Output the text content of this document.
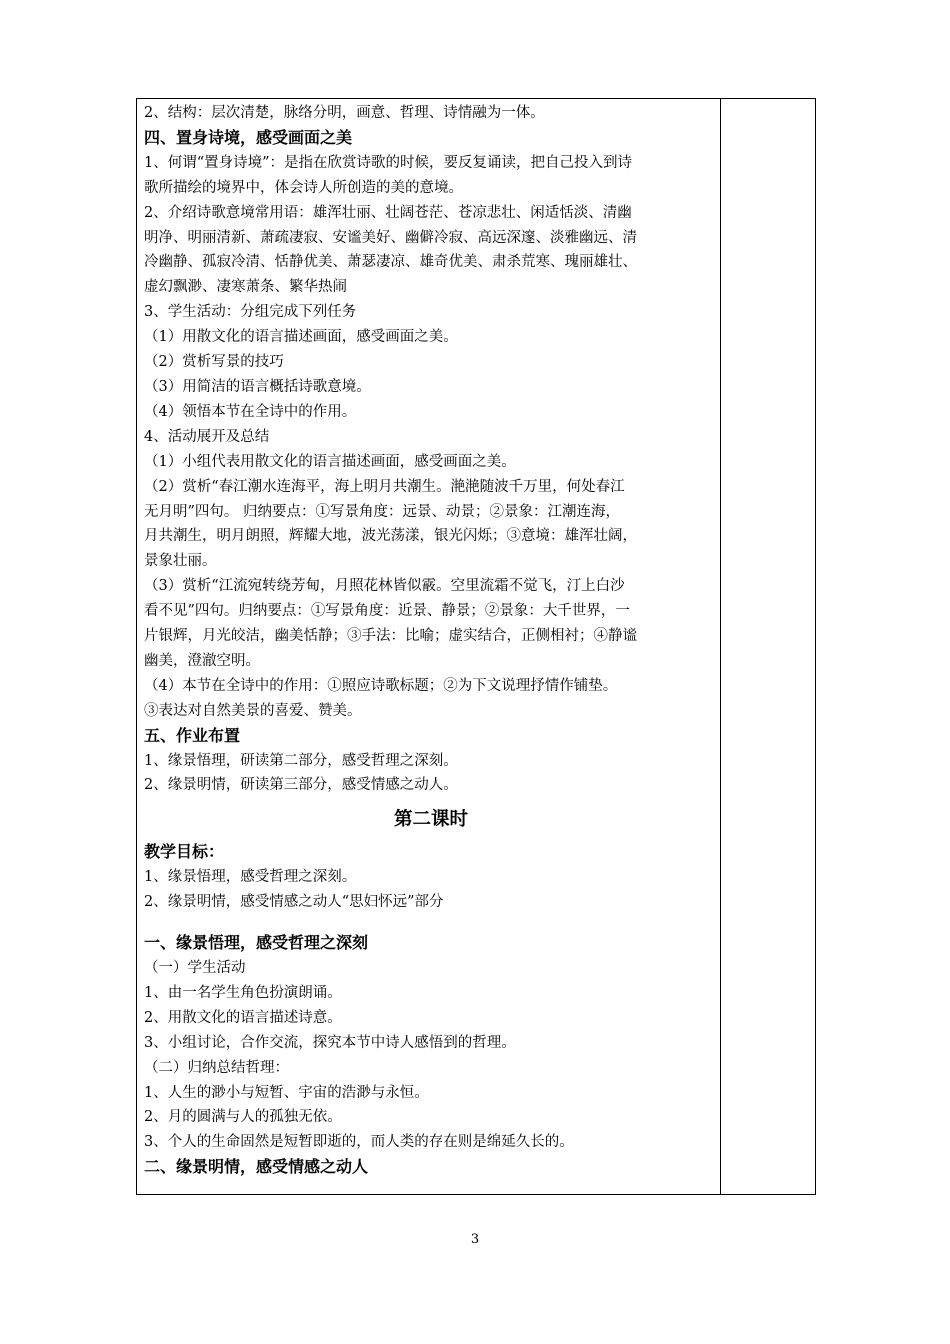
2、结构：层次清楚，脉络分明，画意、哲理、诗情融为一体。
四、置身诗境，感受画面之美
1、何谓“置身诗境”：是指在欣赏诗歌的时候，要反复诵读，把自己投入到诗
歌所描绘的境界中，体会诗人所创造的美的意境。
2、介绍诗歌意境常用语：雄浑壮丽、壮阔苍茫、苍凉悲壮、闲适恬淡、清幽
明净、明丽清新、萧疏凄寂、安谧美好、幽僻冷寂、高远深邃、淡雅幽远、清
冷幽静、孤寂冷清、恬静优美、萧瑟凄凉、雄奇优美、肃杀荒寒、瑰丽雄壮、
虚幻飘渺、凄寒萧条、繁华热闹
3、学生活动：分组完成下列任务
（1）用散文化的语言描述画面，感受画面之美。
（2）赏析写景的技巧
（3）用简洁的语言概括诗歌意境。
（4）领悟本节在全诗中的作用。
4、活动展开及总结
（1）小组代表用散文化的语言描述画面，感受画面之美。
（2）赏析“春江潮水连海平，海上明月共潮生。滟滟随波千万里，何处春江
无月明”四句。 归纳要点：①写景角度：远景、动景；②景象：江潮连海，
月共潮生，明月朗照，辉耀大地，波光荡漾，银光闪烁；③意境：雄浑壮阔，
景象壮丽。
（3）赏析“江流宛转绕芳甸，月照花林皆似霰。空里流霜不觉飞，汀上白沙
看不见”四句。归纳要点：①写景角度：近景、静景；②景象：大千世界，一
片银辉，月光皎洁，幽美恬静；③手法：比喻；虚实结合，正侧相衬；④静谧
幽美，澄澈空明。
（4）本节在全诗中的作用：①照应诗歌标题；②为下文说理抒情作铺垫。
③表达对自然美景的喜爱、赞美。
五、作业布置
1、缘景悟理，研读第二部分，感受哲理之深刻。
2、缘景明情，研读第三部分，感受情感之动人。
第二课时
教学目标：
1、缘景悟理，感受哲理之深刻。
2、缘景明情，感受情感之动人“思妇怀远”部分
一、缘景悟理，感受哲理之深刻
（一）学生活动
1、由一名学生角色扮演朗诵。
2、用散文化的语言描述诗意。
3、小组讨论，合作交流，探究本节中诗人感悟到的哲理。
（二）归纳总结哲理：
1、人生的渺小与短暂、宇宙的浩渺与永恒。
2、月的圆满与人的孤独无依。
3、个人的生命固然是短暂即逝的，而人类的存在则是绵延久长的。
二、缘景明情，感受情感之动人
3
